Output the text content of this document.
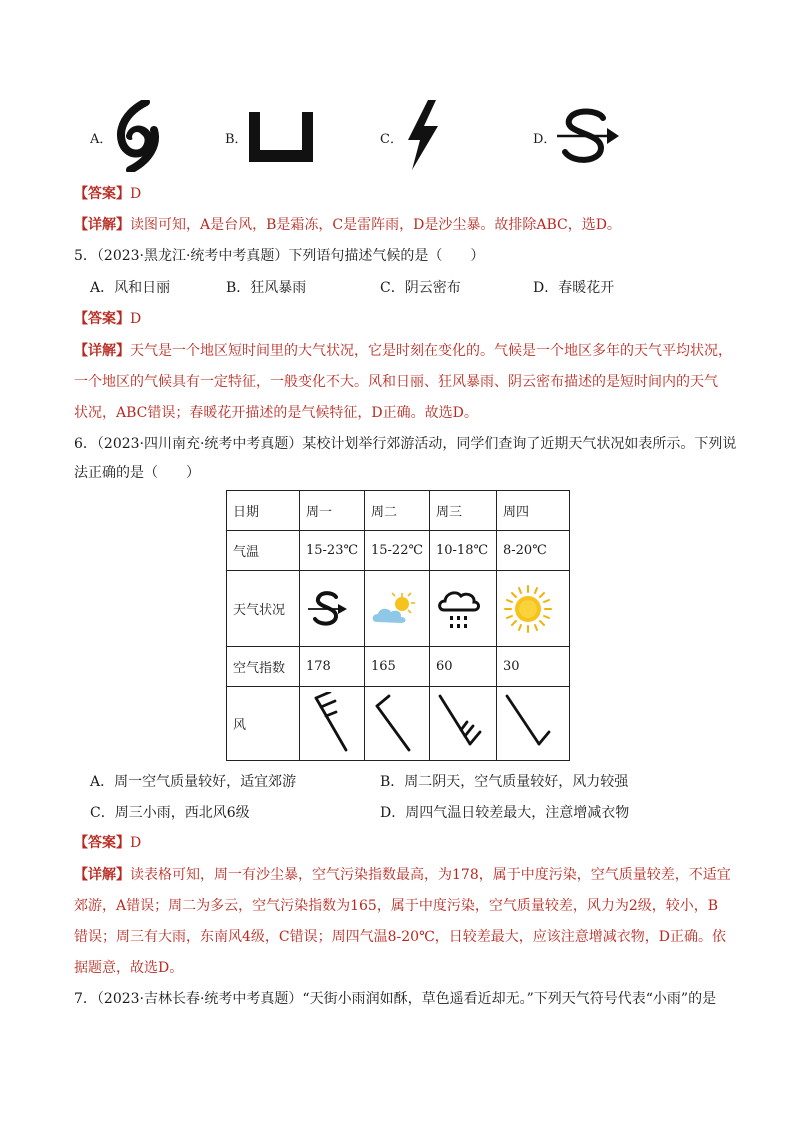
A．	B．	C．	D．
【答案】D
【详解】读图可知，A是台风，B是霜冻，C是雷阵雨，D是沙尘暴。故排除ABC，选D。
5．（2023·黑龙江·统考中考真题）下列语句描述气候的是（　　）
A．风和日丽	B．狂风暴雨	C．阴云密布	D．春暖花开
【答案】D
【详解】天气是一个地区短时间里的大气状况，它是时刻在变化的。气候是一个地区多年的天气平均状况，
一个地区的气候具有一定特征，一般变化不大。风和日丽、狂风暴雨、阴云密布描述的是短时间内的天气
状况，ABC错误；春暖花开描述的是气候特征，D正确。故选D。
6．（2023·四川南充·统考中考真题）某校计划举行郊游活动，同学们查询了近期天气状况如表所示。下列说
法正确的是（　　）
日期	周一	周二	周三	周四
气温	15-23℃	15-22℃	10-18℃	8-20℃
天气状况	

空气指数	178	165	60	30
风	

A．周一空气质量较好，适宜郊游	B．周二阴天，空气质量较好，风力较强
C．周三小雨，西北风6级	D．周四气温日较差最大，注意增减衣物
【答案】D
【详解】读表格可知，周一有沙尘暴，空气污染指数最高，为178，属于中度污染，空气质量较差，不适宜
郊游，A错误；周二为多云，空气污染指数为165，属于中度污染，空气质量较差，风力为2级，较小，B
错误；周三有大雨，东南风4级，C错误；周四气温8-20℃，日较差最大，应该注意增减衣物，D正确。依
据题意，故选D。
7．（2023·吉林长春·统考中考真题）“天街小雨润如酥，草色遥看近却无。”下列天气符号代表“小雨”的是
